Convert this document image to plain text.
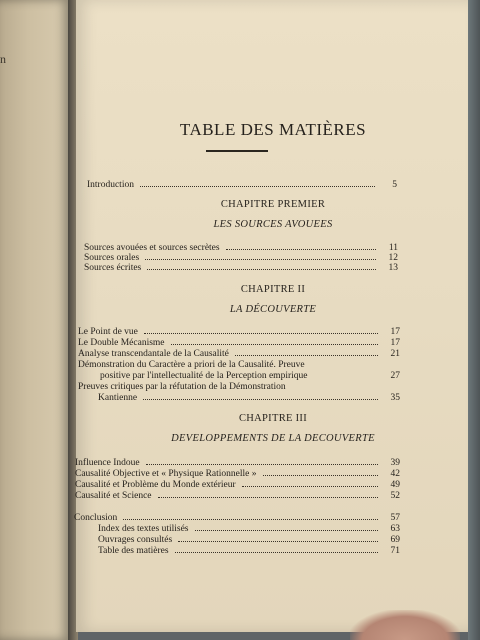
n
TABLE DES MATIÈRES
Introduction	5
CHAPITRE PREMIER
LES SOURCES AVOUEES
Sources avouées et sources secrètes	11
Sources orales	12
Sources écrites	13
CHAPITRE II
LA DÉCOUVERTE
Le Point de vue	17
Le Double Mécanisme	17
Analyse transcendantale de la Causalité	21
Démonstration du Caractère a priori de la Causalité. Preuve
positive par l'intellectualité de la Perception empirique	27
Preuves critiques par la réfutation de la Démonstration
Kantienne	35
CHAPITRE III
DEVELOPPEMENTS DE LA DECOUVERTE
Influence Indoue	39
Causalité Objective et « Physique Rationnelle »	42
Causalité et Problème du Monde extérieur	49
Causalité et Science	52
Conclusion	57
Index des textes utilisés	63
Ouvrages consultés	69
Table des matières	71
